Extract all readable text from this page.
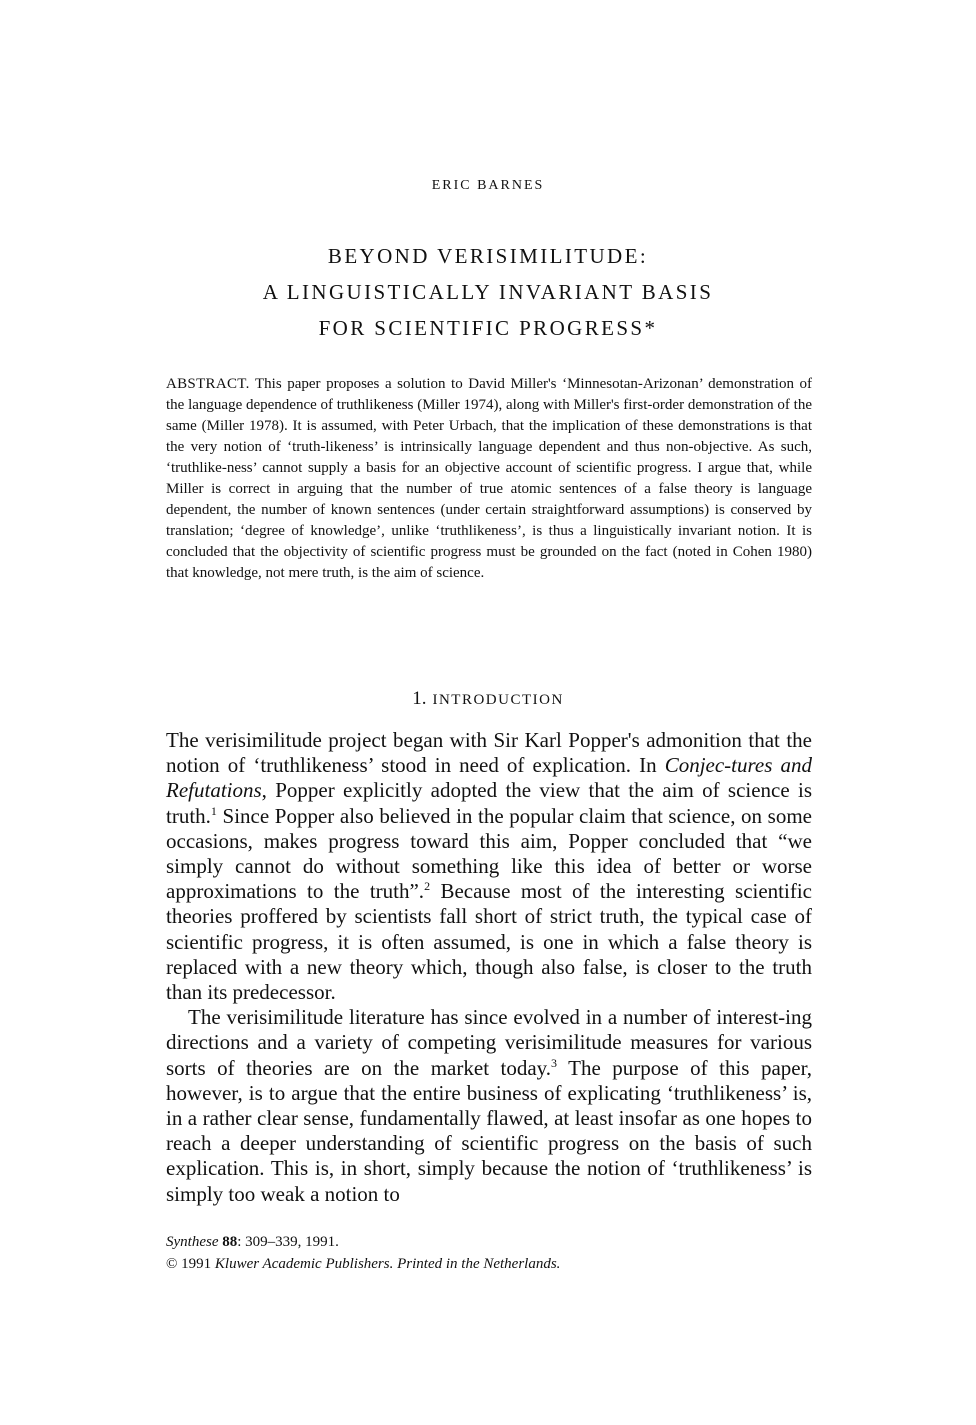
ERIC BARNES
BEYOND VERISIMILITUDE:
A LINGUISTICALLY INVARIANT BASIS
FOR SCIENTIFIC PROGRESS*

ABSTRACT. This paper proposes a solution to David Miller's ‘Minnesotan-Arizonan’ demonstration of the language dependence of truthlikeness (Miller 1974), along with Miller's first-order demonstration of the same (Miller 1978). It is assumed, with Peter Urbach, that the implication of these demonstrations is that the very notion of ‘truth-likeness’ is intrinsically language dependent and thus non-objective. As such, ‘truthlike-ness’ cannot supply a basis for an objective account of scientific progress. I argue that, while Miller is correct in arguing that the number of true atomic sentences of a false theory is language dependent, the number of known sentences (under certain straightforward assumptions) is conserved by translation; ‘degree of knowledge’, unlike ‘truthlikeness’, is thus a linguistically invariant notion. It is concluded that the objectivity of scientific progress must be grounded on the fact (noted in Cohen 1980) that knowledge, not mere truth, is the aim of science.

1. INTRODUCTION

The verisimilitude project began with Sir Karl Popper's admonition that the notion of ‘truthlikeness’ stood in need of explication. In Conjec-tures and Refutations, Popper explicitly adopted the view that the aim of science is truth.$^1$ Since Popper also believed in the popular claim that science, on some occasions, makes progress toward this aim, Popper concluded that “we simply cannot do without something like this idea of better or worse approximations to the truth”.$^2$ Because most of the interesting scientific theories proffered by scientists fall short of strict truth, the typical case of scientific progress, it is often assumed, is one in which a false theory is replaced with a new theory which, though also false, is closer to the truth than its predecessor.

The verisimilitude literature has since evolved in a number of interest-ing directions and a variety of competing verisimilitude measures for various sorts of theories are on the market today.$^3$ The purpose of this paper, however, is to argue that the entire business of explicating ‘truthlikeness’ is, in a rather clear sense, fundamentally flawed, at least insofar as one hopes to reach a deeper understanding of scientific progress on the basis of such explication. This is, in short, simply because the notion of ‘truthlikeness’ is simply too weak a notion to

Synthese 88: 309–339, 1991.
© 1991 Kluwer Academic Publishers. Printed in the Netherlands.
